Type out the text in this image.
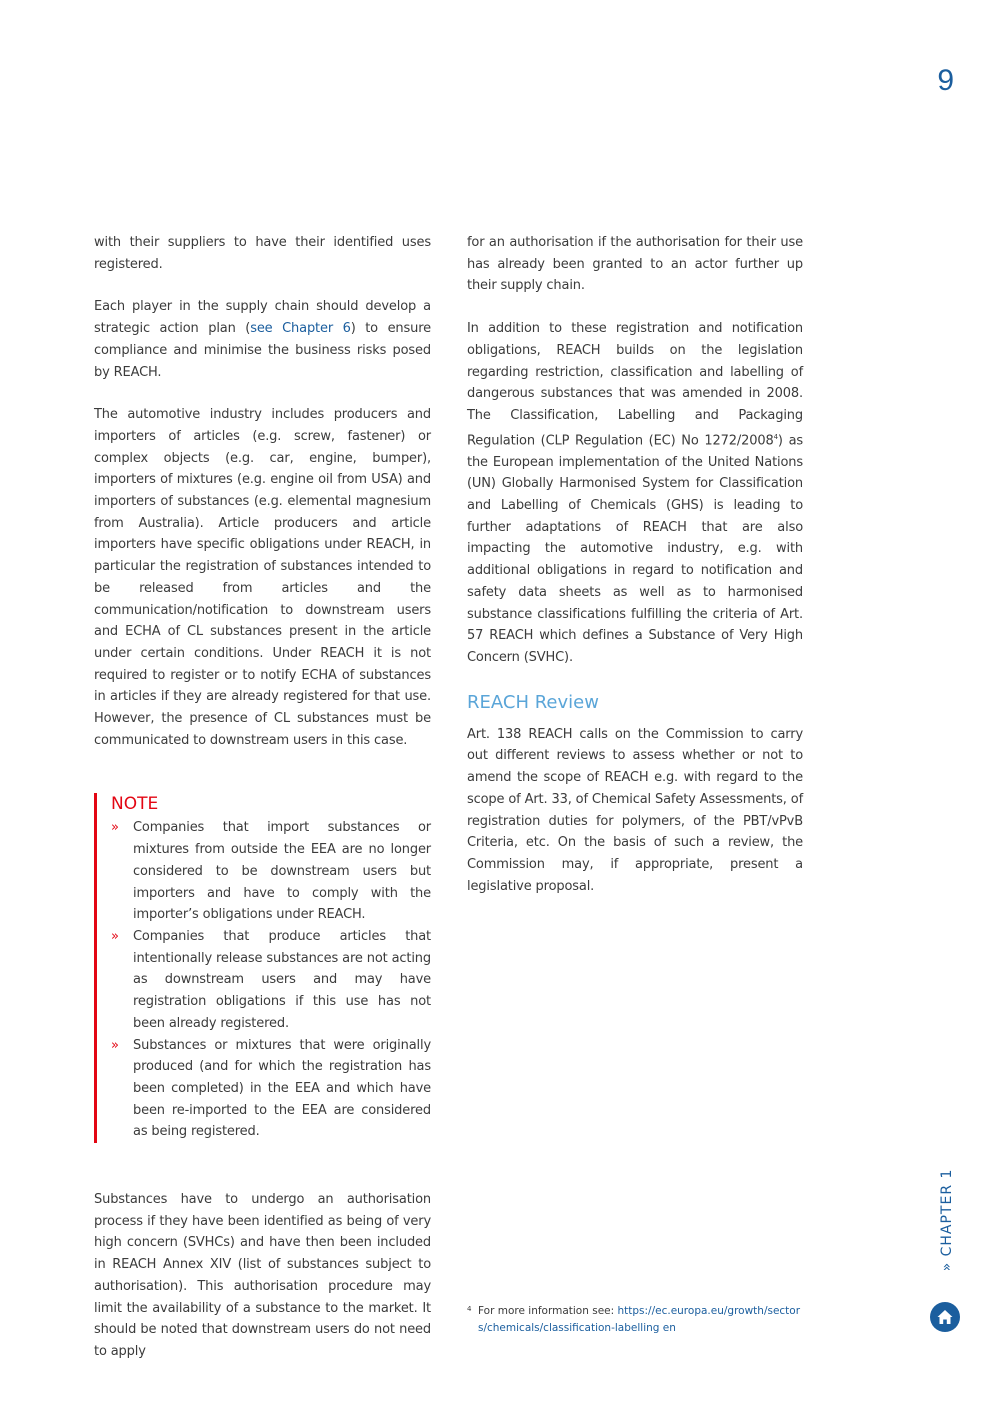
9

with their suppliers to have their identified uses registered.

Each player in the supply chain should develop a strategic action plan (see Chapter 6) to ensure compliance and minimise the business risks posed by REACH.

The automotive industry includes producers and importers of articles (e.g. screw, fastener) or complex objects (e.g. car, engine, bumper), importers of mixtures (e.g. engine oil from USA) and importers of substances (e.g. elemental magnesium from Australia). Article producers and article importers have specific obligations under REACH, in particular the registration of substances intended to be released from articles and the communication/notification to downstream users and ECHA of CL substances present in the article under certain conditions. Under REACH it is not required to register or to notify ECHA of substances in articles if they are already registered for that use. However, the presence of CL substances must be communicated to downstream users in this case.

NOTE
» Companies that import substances or mixtures from outside the EEA are no longer considered to be downstream users but importers and have to comply with the importer’s obligations under REACH.
» Companies that produce articles that intentionally release substances are not acting as downstream users and may have registration obligations if this use has not been already registered.
» Substances or mixtures that were originally produced (and for which the registration has been completed) in the EEA and which have been re-imported to the EEA are considered as being registered.

Substances have to undergo an authorisation process if they have been identified as being of very high concern (SVHCs) and have then been included in REACH Annex XIV (list of substances subject to authorisation). This authorisation procedure may limit the availability of a substance to the market. It should be noted that downstream users do not need to apply

for an authorisation if the authorisation for their use has already been granted to an actor further up their supply chain.

In addition to these registration and notification obligations, REACH builds on the legislation regarding restriction, classification and labelling of dangerous substances that was amended in 2008. The Classification, Labelling and Packaging Regulation (CLP Regulation (EC) No 1272/2008$^4$) as the European implementation of the United Nations (UN) Globally Harmonised System for Classification and Labelling of Chemicals (GHS) is leading to further adaptations of REACH that are also impacting the automotive industry, e.g. with additional obligations in regard to notification and safety data sheets as well as to harmonised substance classifications fulfilling the criteria of Art. 57 REACH which defines a Substance of Very High Concern (SVHC).

REACH Review

Art. 138 REACH calls on the Commission to carry out different reviews to assess whether or not to amend the scope of REACH e.g. with regard to the scope of Art. 33, of Chemical Safety Assessments, of registration duties for polymers, of the PBT/vPvB Criteria, etc. On the basis of such a review, the Commission may, if appropriate, present a legislative proposal.

4 For more information see: https://ec.europa.eu/growth/sectors/chemicals/classification-labelling en
» CHAPTER 1
